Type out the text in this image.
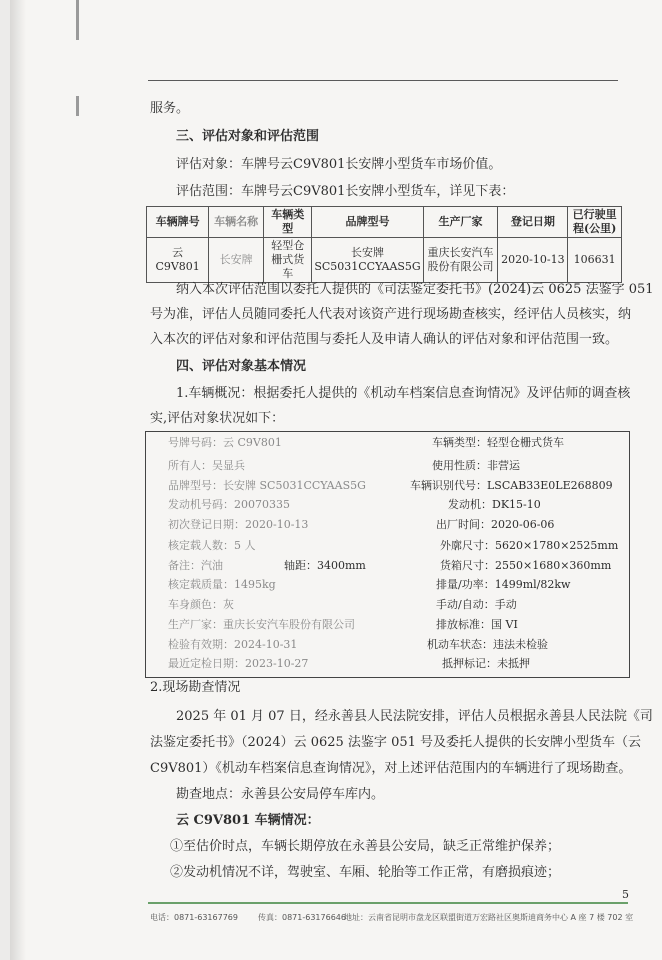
服务。
三、评估对象和评估范围
评估对象：车牌号云C9V801长安牌小型货车市场价值。
评估范围：车牌号云C9V801长安牌小型货车，详见下表：
车辆牌号	车辆名称	车辆类型	品牌型号	生产厂家	登记日期	已行驶里程(公里)
云 C9V801	长安牌	轻型仓栅式货车	长安牌 SC5031CCYAAS5G	重庆长安汽车股份有限公司	2020-10-13	106631
纳入本次评估范围以委托人提供的《司法鉴定委托书》(2024)云 0625 法鉴字 051
号为准，评估人员随同委托人代表对该资产进行现场勘查核实，经评估人员核实，纳
入本次的评估对象和评估范围与委托人及申请人确认的评估对象和评估范围一致。
四、评估对象基本情况
1.车辆概况：根据委托人提供的《机动车档案信息查询情况》及评估师的调查核
实,评估对象状况如下：
号牌号码：云 C9V801	车辆类型：轻型仓栅式货车
所有人：吴显兵	使用性质：非营运
品牌型号：长安牌 SC5031CCYAAS5G	车辆识别代号：LSCAB33E0LE268809
发动机号码：20070335	发动机：DK15-10
初次登记日期：2020-10-13	出厂时间：2020-06-06
核定载人数：5 人	外廓尺寸：5620×1780×2525mm
备注：汽油	轴距：3400mm	货箱尺寸：2550×1680×360mm
核定载质量：1495kg	排量/功率：1499ml/82kw
车身颜色：灰	手动/自动：手动
生产厂家：重庆长安汽车股份有限公司	排放标准：国 VI
检验有效期：2024-10-31	机动车状态：违法未检验
最近定检日期：2023-10-27	抵押标记：未抵押
2.现场勘查情况
2025 年 01 月 07 日，经永善县人民法院安排，评估人员根据永善县人民法院《司
法鉴定委托书》（2024）云 0625 法鉴字 051 号及委托人提供的长安牌小型货车（云
C9V801）《机动车档案信息查询情况》，对上述评估范围内的车辆进行了现场勘查。
勘查地点：永善县公安局停车库内。
云 C9V801 车辆情况：
①至估价时点，车辆长期停放在永善县公安局，缺乏正常维护保养；
②发动机情况不详，驾驶室、车厢、轮胎等工作正常，有磨损痕迹；
5
电话：0871-63167769	传真：0871-63176646
地址：云南省昆明市盘龙区联盟街道万宏路社区奥斯迪商务中心 A 座 7 楼 702 室
